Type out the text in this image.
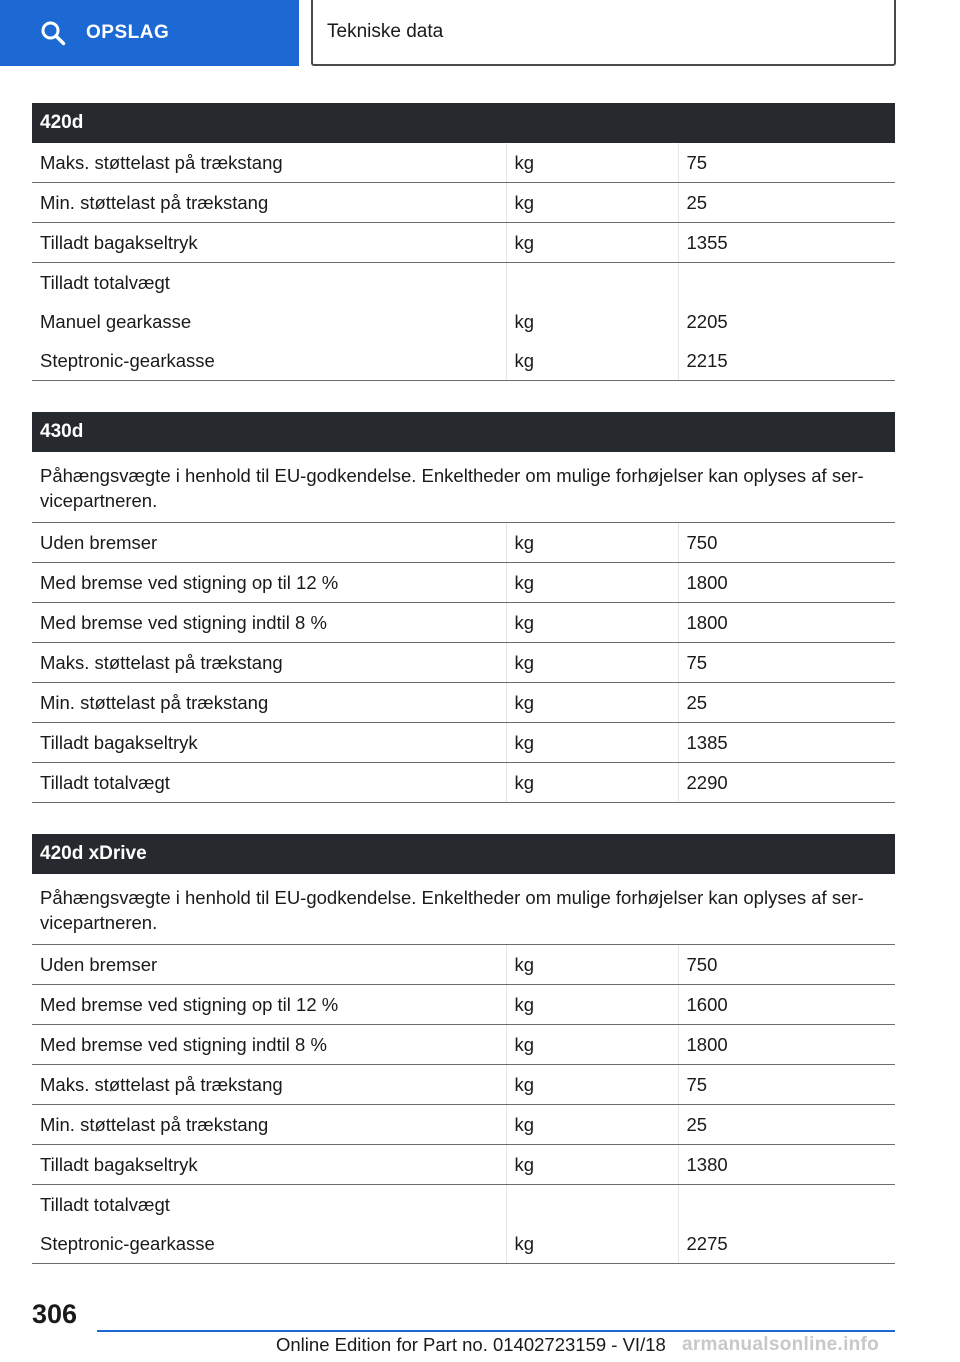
OPSLAG	Tekniske data
420d		
Maks. støttelast på trækstang	kg	75
Min. støttelast på trækstang	kg	25
Tilladt bagakseltryk	kg	1355
Tilladt totalvægt		
Manuel gearkasse	kg	2205
Steptronic-gearkasse	kg	2215
430d		
Påhængsvægte i henhold til EU-godkendelse. Enkeltheder om mulige forhøjelser kan oplyses af servicepartneren.		
Uden bremser	kg	750
Med bremse ved stigning op til 12 %	kg	1800
Med bremse ved stigning indtil 8 %	kg	1800
Maks. støttelast på trækstang	kg	75
Min. støttelast på trækstang	kg	25
Tilladt bagakseltryk	kg	1385
Tilladt totalvægt	kg	2290
420d xDrive		
Påhængsvægte i henhold til EU-godkendelse. Enkeltheder om mulige forhøjelser kan oplyses af servicepartneren.		
Uden bremser	kg	750
Med bremse ved stigning op til 12 %	kg	1600
Med bremse ved stigning indtil 8 %	kg	1800
Maks. støttelast på trækstang	kg	75
Min. støttelast på trækstang	kg	25
Tilladt bagakseltryk	kg	1380
Tilladt totalvægt		
Steptronic-gearkasse	kg	2275
306
Online Edition for Part no. 01402723159 - VI/18 armanualsonline.info
